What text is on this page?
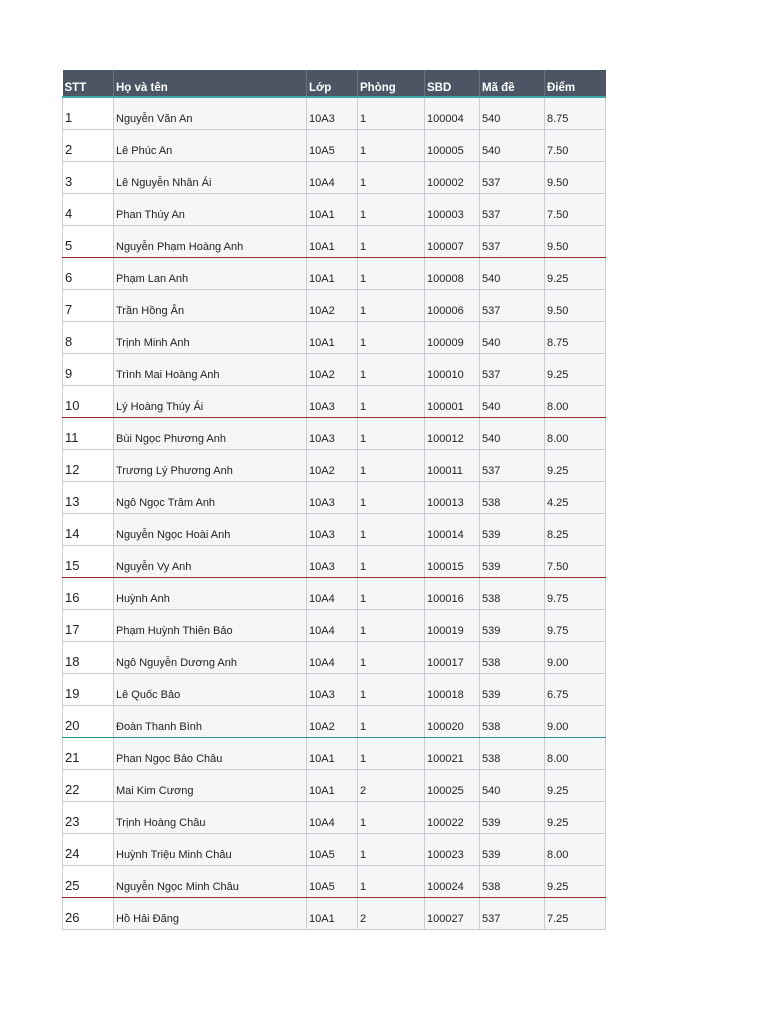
STT	Họ và tên	Lớp	Phòng	SBD	Mã đề	Điểm
1	Nguyễn Văn An	10A3	1	100004	540	8.75
2	Lê Phúc An	10A5	1	100005	540	7.50
3	Lê Nguyễn Nhân Ái	10A4	1	100002	537	9.50
4	Phan Thúy An	10A1	1	100003	537	7.50
5	Nguyễn Phạm Hoàng Anh	10A1	1	100007	537	9.50
6	Phạm Lan Anh	10A1	1	100008	540	9.25
7	Trần Hồng Ân	10A2	1	100006	537	9.50
8	Trịnh Minh Anh	10A1	1	100009	540	8.75
9	Trình Mai Hoàng Anh	10A2	1	100010	537	9.25
10	Lý Hoàng Thúy Ái	10A3	1	100001	540	8.00
11	Bùi Ngọc Phương Anh	10A3	1	100012	540	8.00
12	Trương Lý Phương Anh	10A2	1	100011	537	9.25
13	Ngô Ngọc Trâm Anh	10A3	1	100013	538	4.25
14	Nguyễn Ngọc Hoài Anh	10A3	1	100014	539	8.25
15	Nguyễn Vy Anh	10A3	1	100015	539	7.50
16	Huỳnh Anh	10A4	1	100016	538	9.75
17	Phạm Huỳnh Thiên Bảo	10A4	1	100019	539	9.75
18	Ngô Nguyễn Dương Anh	10A4	1	100017	538	9.00
19	Lê Quốc Bảo	10A3	1	100018	539	6.75
20	Đoàn Thanh Bình	10A2	1	100020	538	9.00
21	Phan Ngọc Bảo Châu	10A1	1	100021	538	8.00
22	Mai Kim Cương	10A1	2	100025	540	9.25
23	Trịnh Hoàng Châu	10A4	1	100022	539	9.25
24	Huỳnh Triệu Minh Châu	10A5	1	100023	539	8.00
25	Nguyễn Ngọc Minh Châu	10A5	1	100024	538	9.25
26	Hồ Hải Đăng	10A1	2	100027	537	7.25
